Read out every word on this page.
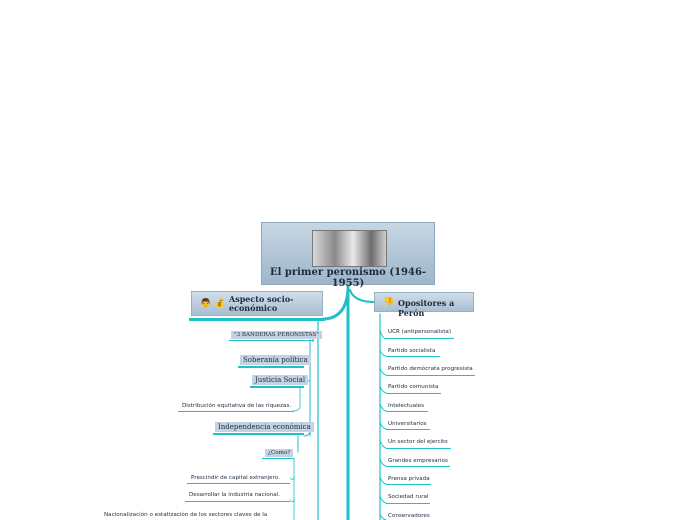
El primer peronismo (1946-1955)
👨 💰 Aspecto socio-económico	👎 Opositores a Perón
"3 BANDERAS PERONISTAS"
Soberanía política
Justicia Social
Distribución equitativa de las riquezas.
Independencia económica
¿Como?
Prescindir de capital extranjero.
Desarrollar la industria nacional.
Nacionalización o estatización de los sectores claves de la
UCR (antipersonalista)
Partido socialista
Partido demócrata progresista
Partido comunista
Intelectuales
Universitarios
Un sector del ejercito
Grandes empresarios
Prensa privada
Sociedad rural
Conservadores
